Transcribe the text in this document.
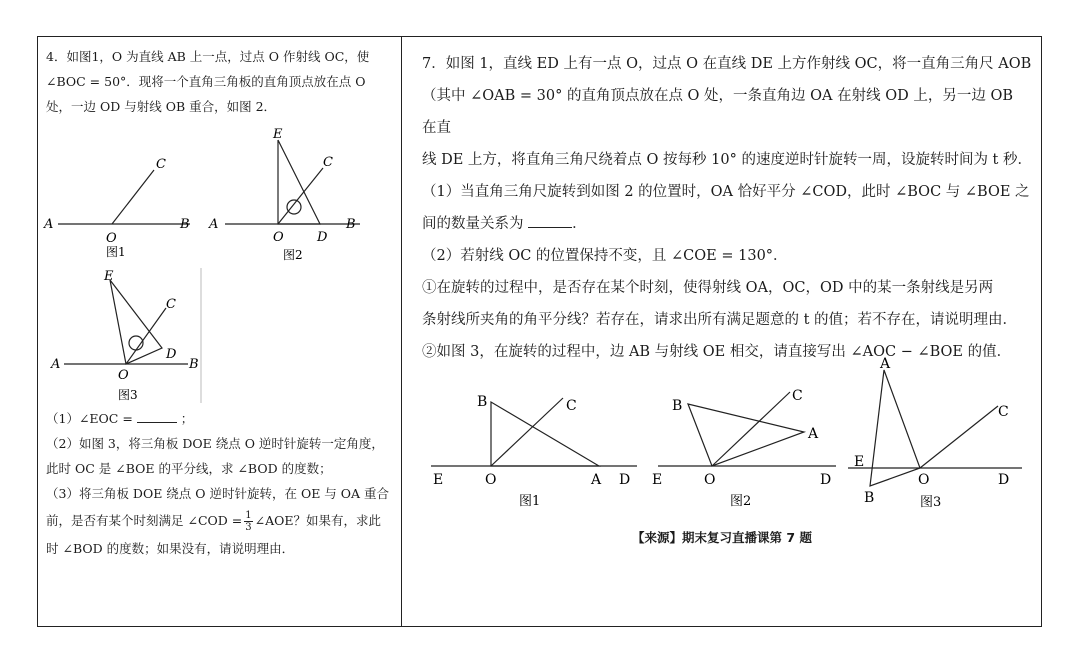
4．如图1，O 为直线 AB 上一点，过点 O 作射线 OC，使

∠BOC = 50°．现将一个直角三角板的直角顶点放在点 O

处，一边 OD 与射线 OB 重合，如图 2．

A
O
B
C
图1
E
C
A
O	D
B
图2
E
C
D
A
O
B
图3

（1）∠EOC =	；

（2）如图 3，将三角板 DOE 绕点 O 逆时针旋转一定角度，

此时 OC 是 ∠BOE 的平分线，求 ∠BOD 的度数；

（3）将三角板 DOE 绕点 O 逆时针旋转，在 OE 与 OA 重合

前，是否有某个时刻满足 ∠COD = $\frac{1}{3}$ ∠AOE？如果有，求此

时 ∠BOD 的度数；如果没有，请说明理由．

7．如图 1，直线 ED 上有一点 O，过点 O 在直线 DE 上方作射线 OC，将一直角三角尺 AOB

（其中 ∠OAB = 30° 的直角顶点放在点 O 处，一条直角边 OA 在射线 OD 上，另一边 OB 在直

线 DE 上方，将直角三角尺绕着点 O 按每秒 10° 的速度逆时针旋转一周，设旋转时间为 t 秒．

（1）当直角三角尺旋转到如图 2 的位置时，OA 恰好平分 ∠COD，此时 ∠BOC 与 ∠BOE 之

间的数量关系为	．

（2）若射线 OC 的位置保持不变，且 ∠COE = 130°．

①在旋转的过程中，是否存在某个时刻，使得射线 OA，OC，OD 中的某一条射线是另两

条射线所夹角的角平分线？若存在，请求出所有满足题意的 t 的值；若不存在，请说明理由．

②如图 3，在旋转的过程中，边 AB 与射线 OE 相交，请直接写出 ∠AOC − ∠BOE 的值．

B	C
E	O	A D
图1
B
C
A
E	O	D
图2
A
C
E
O	D
B	图3
【来源】期末复习直播课第 7 题
